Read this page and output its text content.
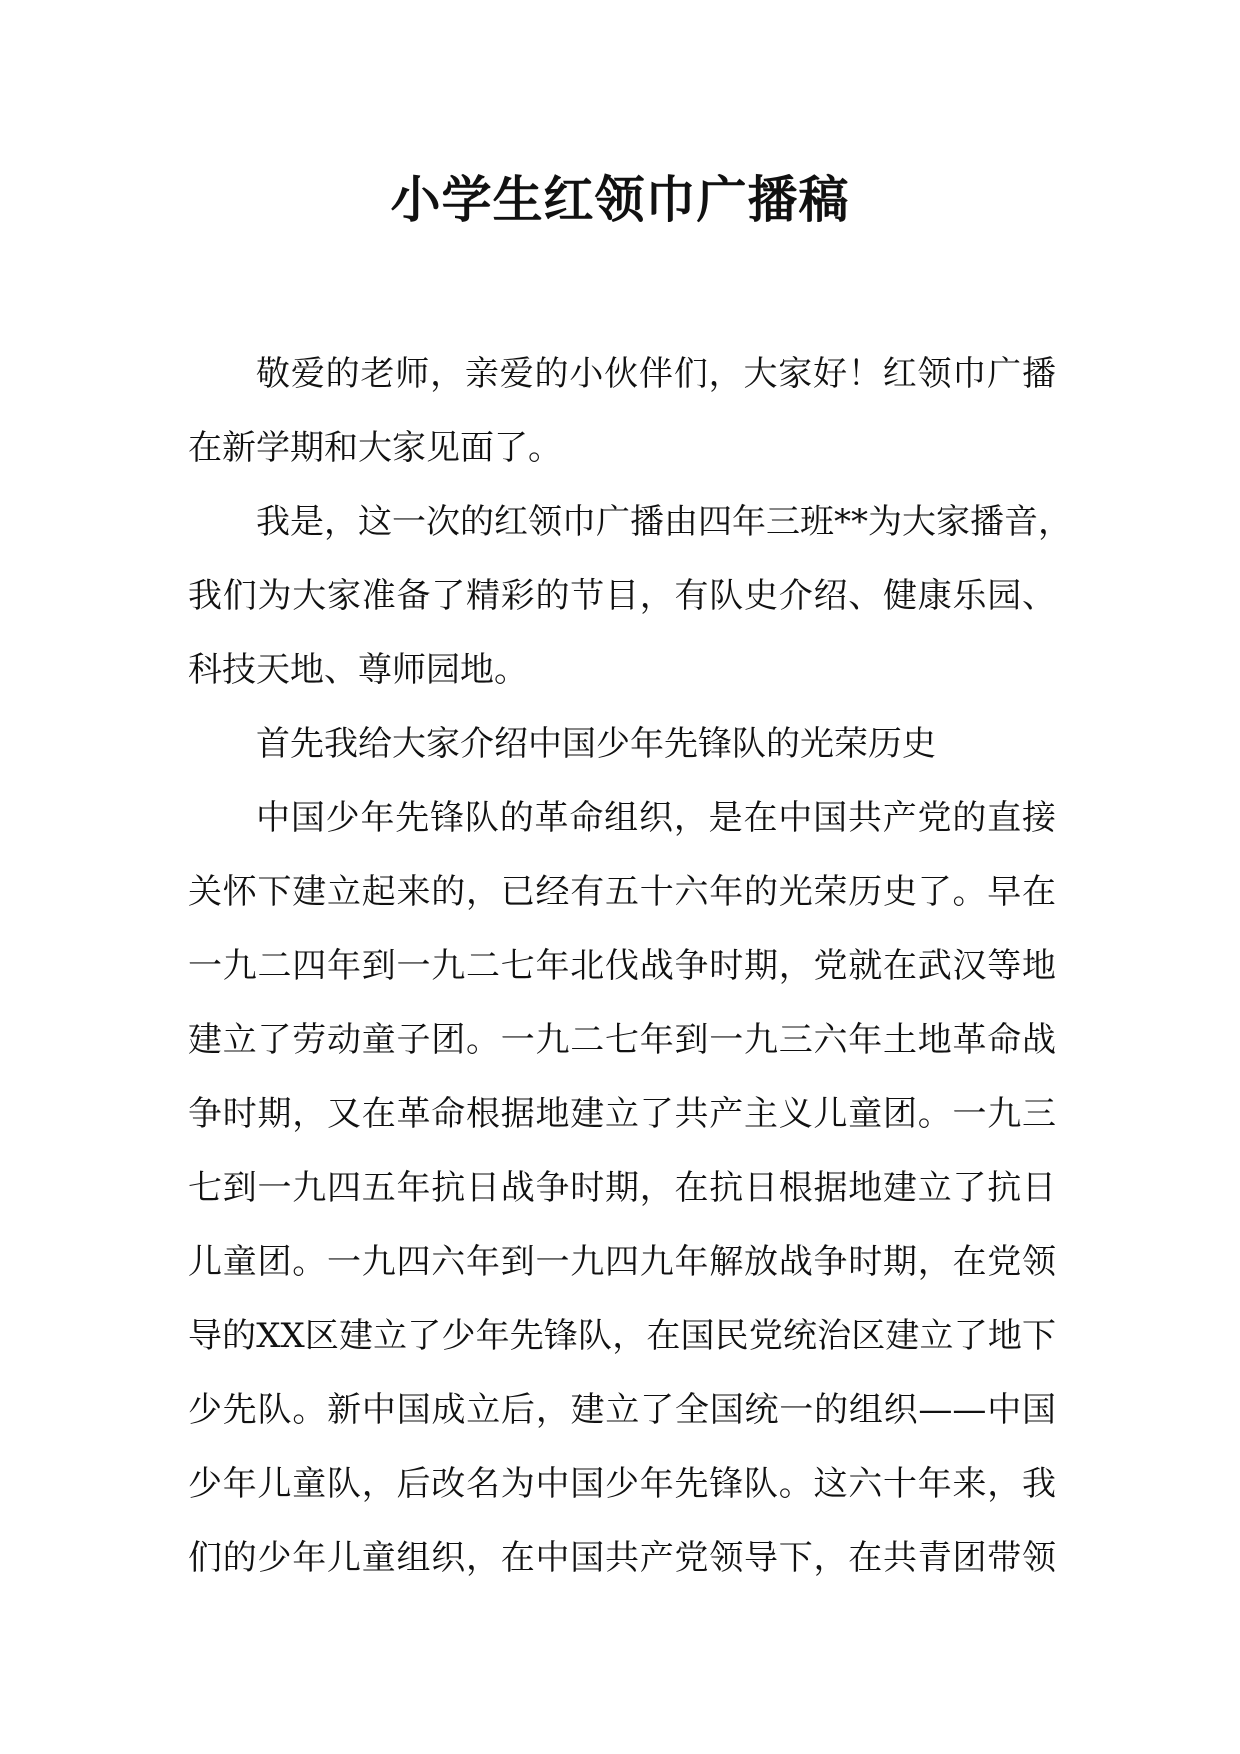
小学生红领巾广播稿
敬爱的老师，亲爱的小伙伴们，大家好！红领巾广播
在新学期和大家见面了。
我是，这一次的红领巾广播由四年三班**为大家播音，
我们为大家准备了精彩的节目，有队史介绍、健康乐园、
科技天地、尊师园地。
首先我给大家介绍中国少年先锋队的光荣历史
中国少年先锋队的革命组织，是在中国共产党的直接
关怀下建立起来的，已经有五十六年的光荣历史了。早在
一九二四年到一九二七年北伐战争时期，党就在武汉等地
建立了劳动童子团。一九二七年到一九三六年土地革命战
争时期，又在革命根据地建立了共产主义儿童团。一九三
七到一九四五年抗日战争时期，在抗日根据地建立了抗日
儿童团。一九四六年到一九四九年解放战争时期，在党领
导的XX区建立了少年先锋队，在国民党统治区建立了地下
少先队。新中国成立后，建立了全国统一的组织——中国
少年儿童队，后改名为中国少年先锋队。这六十年来，我
们的少年儿童组织，在中国共产党领导下，在共青团带领
